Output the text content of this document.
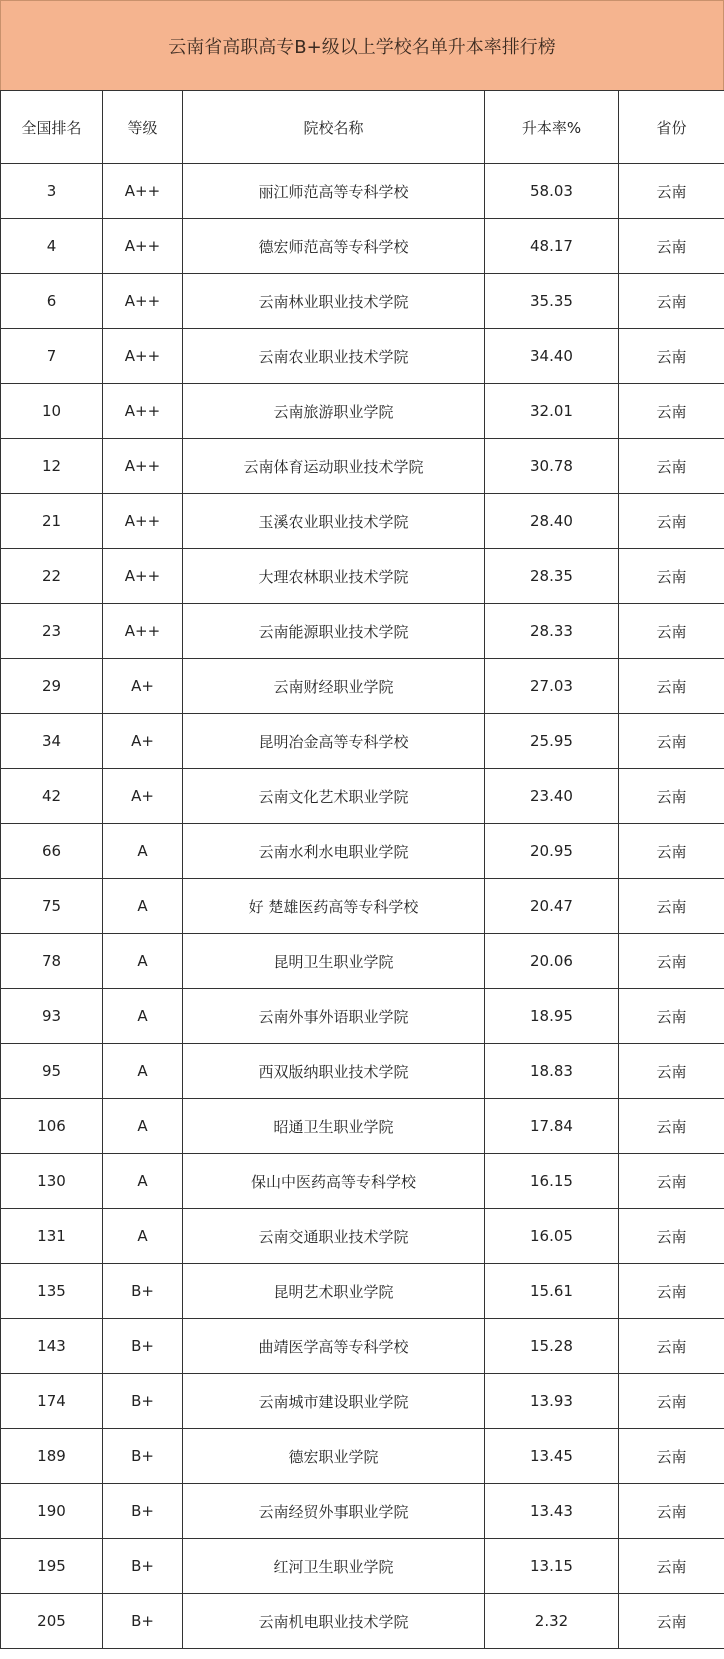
云南省高职高专B+级以上学校名单升本率排行榜
全国排名	等级	院校名称	升本率%	省份
3	A++	丽江师范高等专科学校	58.03	云南
4	A++	德宏师范高等专科学校	48.17	云南
6	A++	云南林业职业技术学院	35.35	云南
7	A++	云南农业职业技术学院	34.40	云南
10	A++	云南旅游职业学院	32.01	云南
12	A++	云南体育运动职业技术学院	30.78	云南
21	A++	玉溪农业职业技术学院	28.40	云南
22	A++	大理农林职业技术学院	28.35	云南
23	A++	云南能源职业技术学院	28.33	云南
29	A+	云南财经职业学院	27.03	云南
34	A+	昆明冶金高等专科学校	25.95	云南
42	A+	云南文化艺术职业学院	23.40	云南
66	A	云南水利水电职业学院	20.95	云南
75	A	好 楚雄医药高等专科学校	20.47	云南
78	A	昆明卫生职业学院	20.06	云南
93	A	云南外事外语职业学院	18.95	云南
95	A	西双版纳职业技术学院	18.83	云南
106	A	昭通卫生职业学院	17.84	云南
130	A	保山中医药高等专科学校	16.15	云南
131	A	云南交通职业技术学院	16.05	云南
135	B+	昆明艺术职业学院	15.61	云南
143	B+	曲靖医学高等专科学校	15.28	云南
174	B+	云南城市建设职业学院	13.93	云南
189	B+	德宏职业学院	13.45	云南
190	B+	云南经贸外事职业学院	13.43	云南
195	B+	红河卫生职业学院	13.15	云南
205	B+	云南机电职业技术学院	2.32	云南
